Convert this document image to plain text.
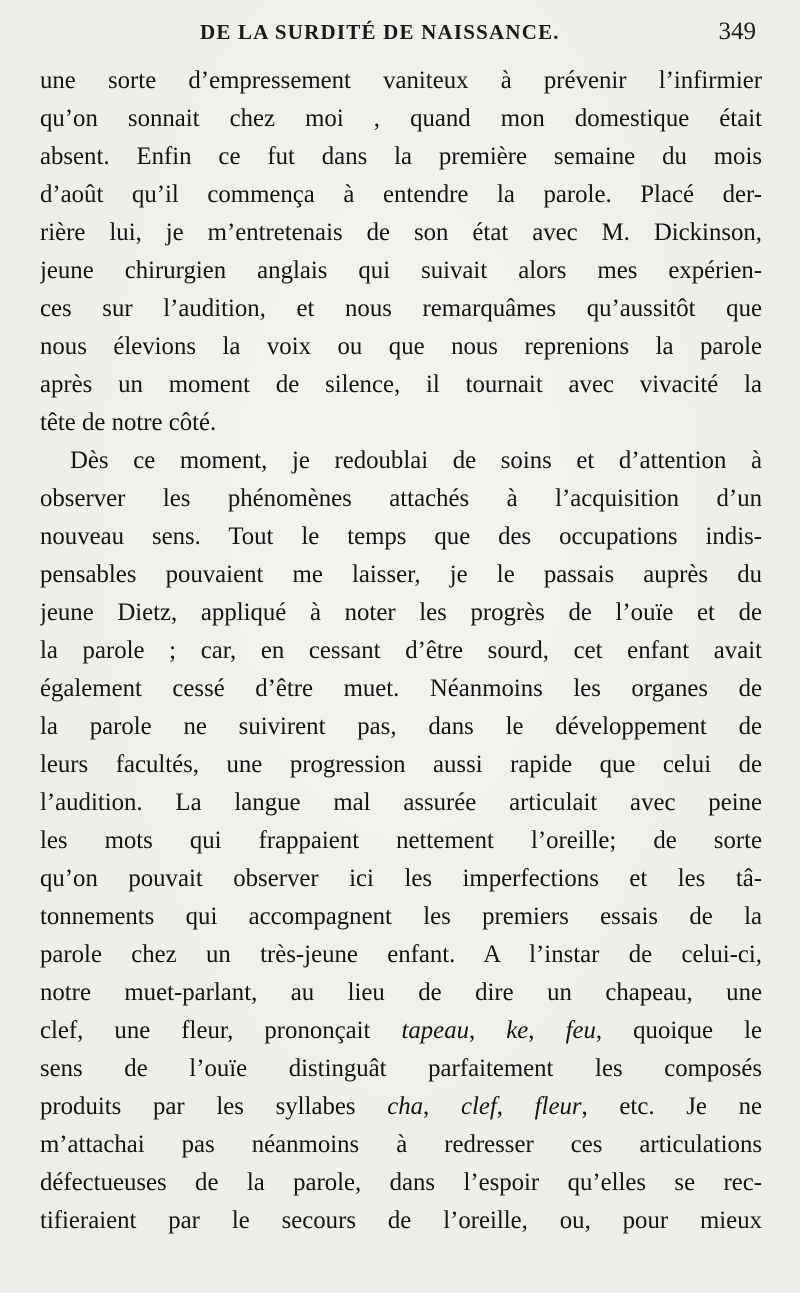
DE LA SURDITÉ DE NAISSANCE.	349
une sorte d’empressement vaniteux à prévenir l’infirmier
qu’on sonnait chez moi , quand mon domestique était
absent. Enfin ce fut dans la première semaine du mois
d’août qu’il commença à entendre la parole. Placé der-
rière lui, je m’entretenais de son état avec M. Dickinson,
jeune chirurgien anglais qui suivait alors mes expérien-
ces sur l’audition, et nous remarquâmes qu’aussitôt que
nous élevions la voix ou que nous reprenions la parole
après un moment de silence, il tournait avec vivacité la
tête de notre côté.
Dès ce moment, je redoublai de soins et d’attention à
observer les phénomènes attachés à l’acquisition d’un
nouveau sens. Tout le temps que des occupations indis-
pensables pouvaient me laisser, je le passais auprès du
jeune Dietz, appliqué à noter les progrès de l’ouïe et de
la parole ; car, en cessant d’être sourd, cet enfant avait
également cessé d’être muet. Néanmoins les organes de
la parole ne suivirent pas, dans le développement de
leurs facultés, une progression aussi rapide que celui de
l’audition. La langue mal assurée articulait avec peine
les mots qui frappaient nettement l’oreille; de sorte
qu’on pouvait observer ici les imperfections et les tâ-
tonnements qui accompagnent les premiers essais de la
parole chez un très-jeune enfant. A l’instar de celui-ci,
notre muet-parlant, au lieu de dire un chapeau, une
clef, une fleur, prononçait tapeau, ke, feu, quoique le
sens de l’ouïe distinguât parfaitement les composés
produits par les syllabes cha, clef, fleur, etc. Je ne
m’attachai pas néanmoins à redresser ces articulations
défectueuses de la parole, dans l’espoir qu’elles se rec-
tifieraient par le secours de l’oreille, ou, pour mieux
